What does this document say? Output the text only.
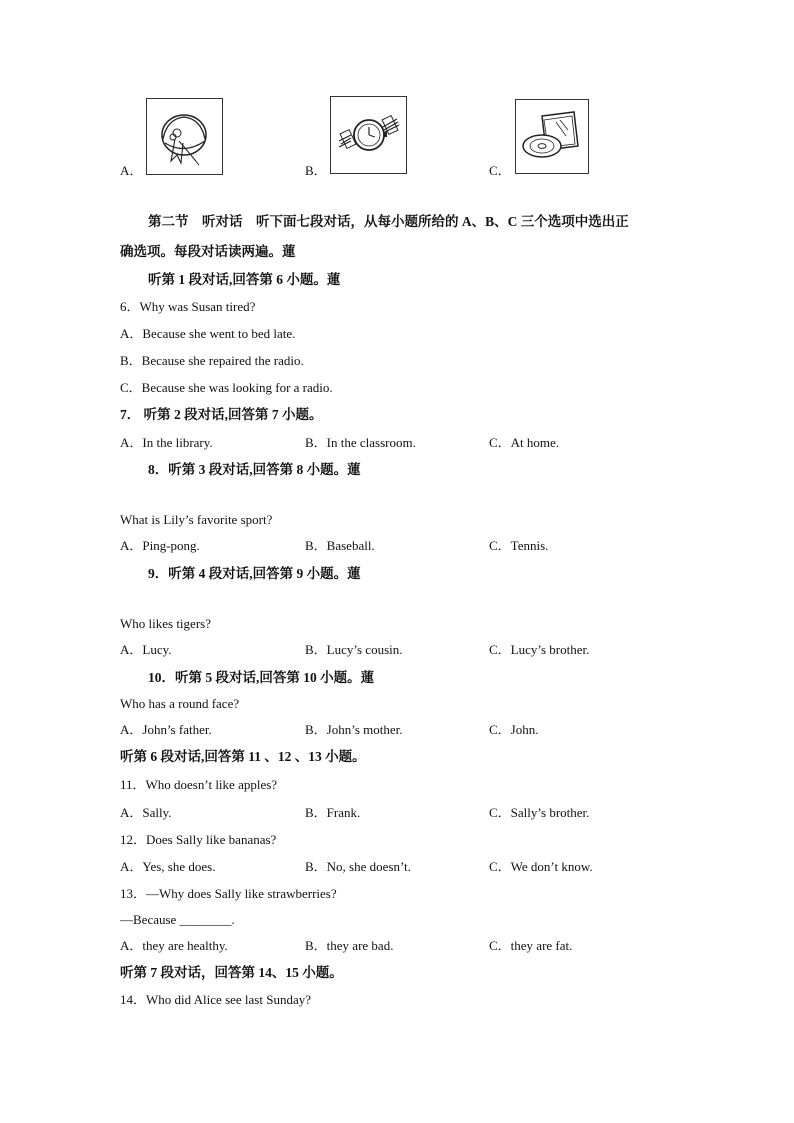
A．	B．	C．
第二节　听对话　听下面七段对话，从每小题所给的 A、B、C 三个选项中选出正
确选项。每段对话读两遍。蓮
听第 1 段对话,回答第 6 小题。蓮
6．Why was Susan tired?
A．Because she went to bed late.
B．Because she repaired the radio.
C．Because she was looking for a radio.
7． 听第 2 段对话,回答第 7 小题。
A．In the library.	B．In the classroom.	C．At home.
8．听第 3 段对话,回答第 8 小题。蓮
What is Lily’s favorite sport?
A．Ping-pong.	B．Baseball.	C．Tennis.
9．听第 4 段对话,回答第 9 小题。蓮
Who likes tigers?
A．Lucy.	B．Lucy’s cousin.	C．Lucy’s brother.
10．听第 5 段对话,回答第 10 小题。蓮
Who has a round face?
A．John’s father.	B．John’s mother.	C．John.
听第 6 段对话,回答第 11 、12 、13 小题。
11．Who doesn’t like apples?
A．Sally.	B．Frank.	C．Sally’s brother.
12．Does Sally like bananas?
A．Yes, she does.	B．No, she doesn’t.	C．We don’t know.
13．—Why does Sally like strawberries?
—Because ________.
A．they are healthy.	B．they are bad.	C．they are fat.
听第 7 段对话，回答第 14、15 小题。
14．Who did Alice see last Sunday?
